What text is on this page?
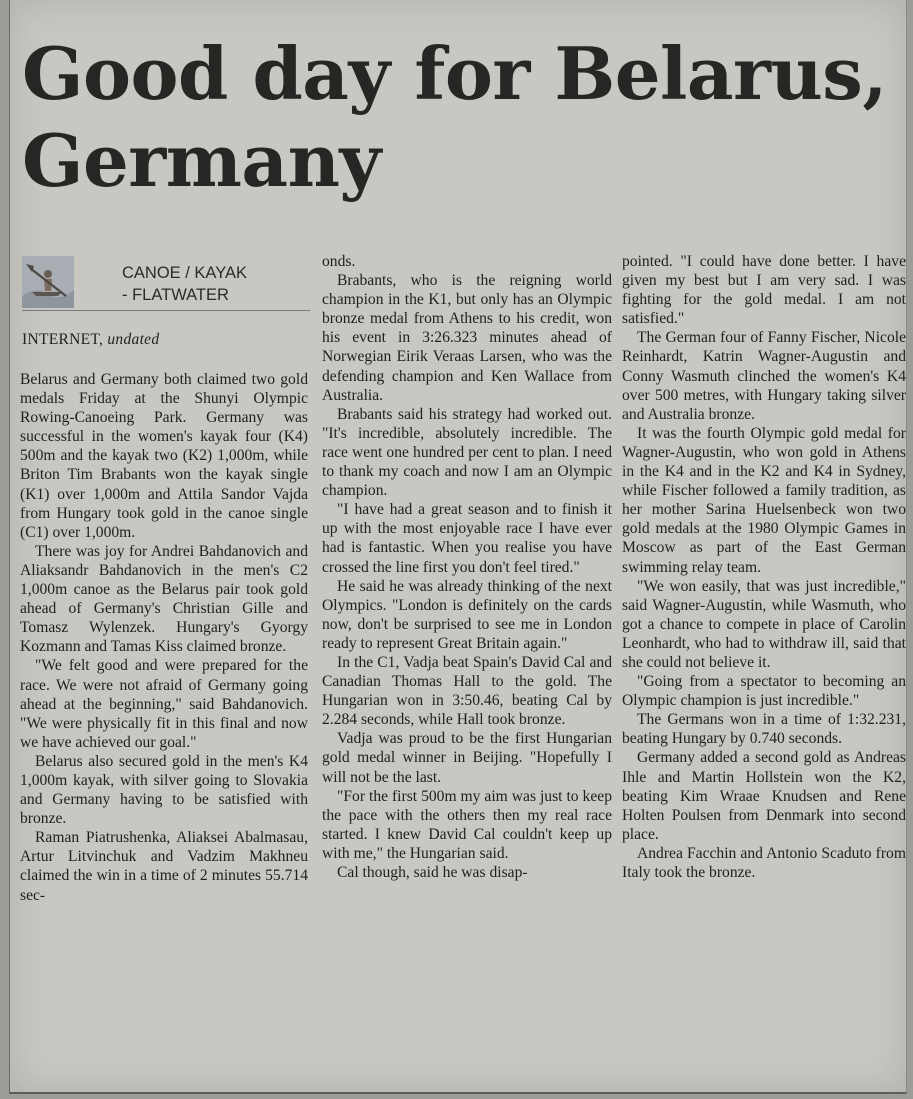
Good day for Belarus, Germany
CANOE / KAYAK
- FLATWATER
INTERNET, undated

Belarus and Germany both claimed two gold medals Friday at the Shunyi Olympic Rowing-Canoeing Park. Germany was successful in the women's kayak four (K4) 500m and the kayak two (K2) 1,000m, while Briton Tim Brabants won the kayak single (K1) over 1,000m and Attila Sandor Vajda from Hungary took gold in the canoe single (C1) over 1,000m.

There was joy for Andrei Bahdanovich and Aliaksandr Bahdanovich in the men's C2 1,000m canoe as the Belarus pair took gold ahead of Germany's Christian Gille and Tomasz Wylenzek. Hungary's Gyorgy Kozmann and Tamas Kiss claimed bronze.

"We felt good and were prepared for the race. We were not afraid of Germany going ahead at the beginning," said Bahdanovich. "We were physically fit in this final and now we have achieved our goal."

Belarus also secured gold in the men's K4 1,000m kayak, with silver going to Slovakia and Germany having to be satisfied with bronze.

Raman Piatrushenka, Aliaksei Abalmasau, Artur Litvinchuk and Vadzim Makhneu claimed the win in a time of 2 minutes 55.714 sec-

onds.

Brabants, who is the reigning world champion in the K1, but only has an Olympic bronze medal from Athens to his credit, won his event in 3:26.323 minutes ahead of Norwegian Eirik Veraas Larsen, who was the defending champion and Ken Wallace from Australia.

Brabants said his strategy had worked out. "It's incredible, absolutely incredible. The race went one hundred per cent to plan. I need to thank my coach and now I am an Olympic champion.

"I have had a great season and to finish it up with the most enjoyable race I have ever had is fantastic. When you realise you have crossed the line first you don't feel tired."

He said he was already thinking of the next Olympics. "London is definitely on the cards now, don't be surprised to see me in London ready to represent Great Britain again."

In the C1, Vadja beat Spain's David Cal and Canadian Thomas Hall to the gold. The Hungarian won in 3:50.46, beating Cal by 2.284 seconds, while Hall took bronze.

Vadja was proud to be the first Hungarian gold medal winner in Beijing. "Hopefully I will not be the last.

"For the first 500m my aim was just to keep the pace with the others then my real race started. I knew David Cal couldn't keep up with me," the Hungarian said.

Cal though, said he was disap-

pointed. "I could have done better. I have given my best but I am very sad. I was fighting for the gold medal. I am not satisfied."

The German four of Fanny Fischer, Nicole Reinhardt, Katrin Wagner-Augustin and Conny Wasmuth clinched the women's K4 over 500 metres, with Hungary taking silver and Australia bronze.

It was the fourth Olympic gold medal for Wagner-Augustin, who won gold in Athens in the K4 and in the K2 and K4 in Sydney, while Fischer followed a family tradition, as her mother Sarina Huelsenbeck won two gold medals at the 1980 Olympic Games in Moscow as part of the East German swimming relay team.

"We won easily, that was just incredible," said Wagner-Augustin, while Wasmuth, who got a chance to compete in place of Carolin Leonhardt, who had to withdraw ill, said that she could not believe it.

"Going from a spectator to becoming an Olympic champion is just incredible."

The Germans won in a time of 1:32.231, beating Hungary by 0.740 seconds.

Germany added a second gold as Andreas Ihle and Martin Hollstein won the K2, beating Kim Wraae Knudsen and Rene Holten Poulsen from Denmark into second place.

Andrea Facchin and Antonio Scaduto from Italy took the bronze.
